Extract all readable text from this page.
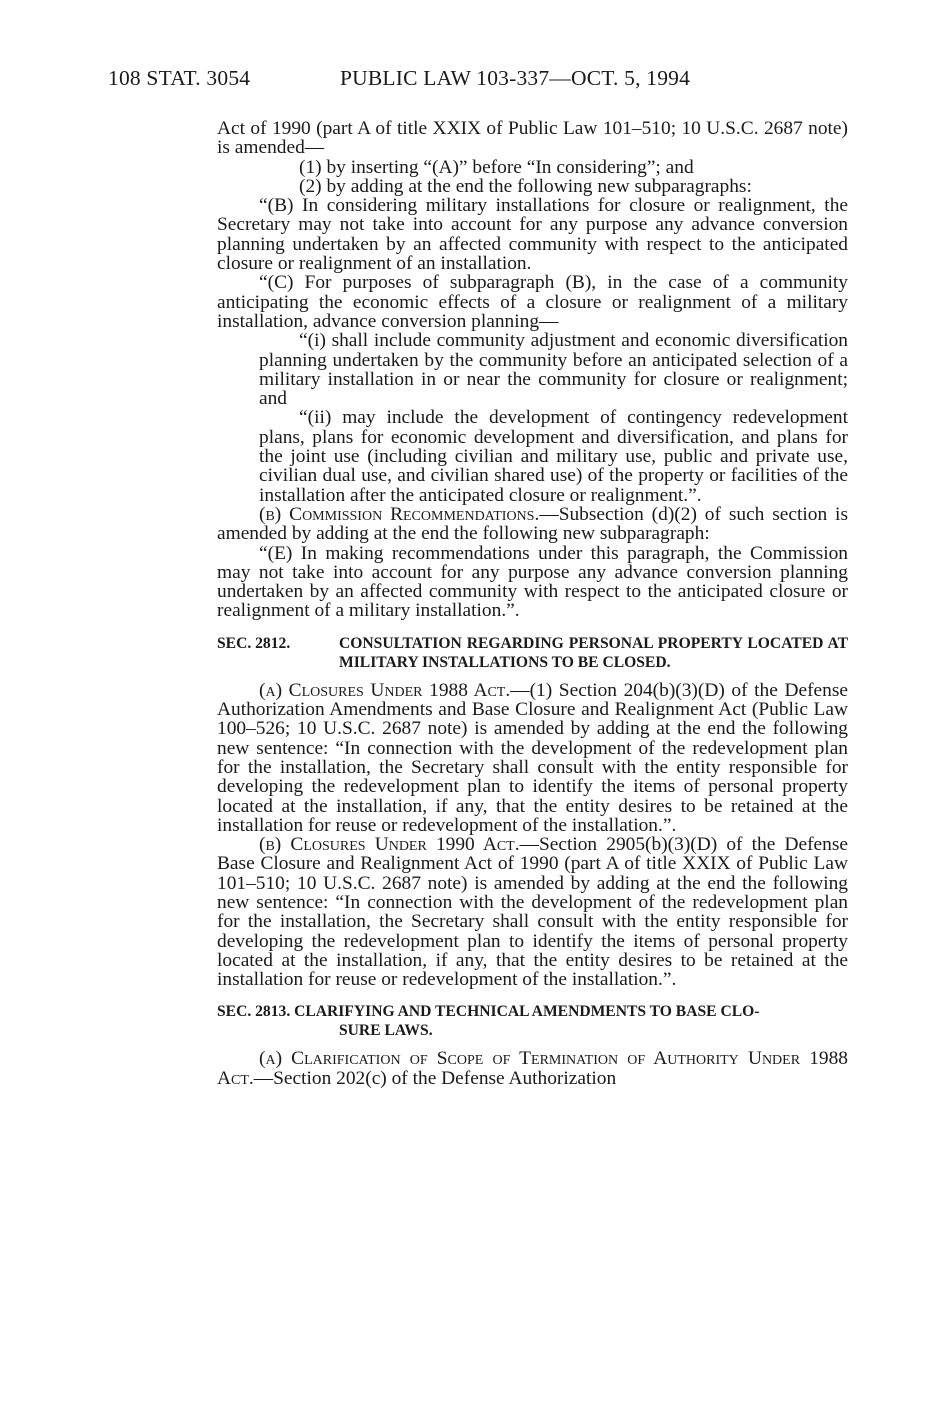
108 STAT. 3054	PUBLIC LAW 103-337—OCT. 5, 1994

Act of 1990 (part A of title XXIX of Public Law 101–510; 10 U.S.C. 2687 note) is amended—

(1) by inserting “(A)” before “In considering”; and

(2) by adding at the end the following new subparagraphs:

“(B) In considering military installations for closure or realignment, the Secretary may not take into account for any purpose any advance conversion planning undertaken by an affected community with respect to the anticipated closure or realignment of an installation.

“(C) For purposes of subparagraph (B), in the case of a community anticipating the economic effects of a closure or realignment of a military installation, advance conversion planning—

“(i) shall include community adjustment and economic diversification planning undertaken by the community before an anticipated selection of a military installation in or near the community for closure or realignment; and

“(ii) may include the development of contingency redevelopment plans, plans for economic development and diversification, and plans for the joint use (including civilian and military use, public and private use, civilian dual use, and civilian shared use) of the property or facilities of the installation after the anticipated closure or realignment.”.

(b) Commission Recommendations.—Subsection (d)(2) of such section is amended by adding at the end the following new subparagraph:

“(E) In making recommendations under this paragraph, the Commission may not take into account for any purpose any advance conversion planning undertaken by an affected community with respect to the anticipated closure or realignment of a military installation.”.

SEC. 2812.	CONSULTATION REGARDING PERSONAL PROPERTY LOCATED AT MILITARY INSTALLATIONS TO BE CLOSED.

(a) Closures Under 1988 Act.—(1) Section 204(b)(3)(D) of the Defense Authorization Amendments and Base Closure and Realignment Act (Public Law 100–526; 10 U.S.C. 2687 note) is amended by adding at the end the following new sentence: “In connection with the development of the redevelopment plan for the installation, the Secretary shall consult with the entity responsible for developing the redevelopment plan to identify the items of personal property located at the installation, if any, that the entity desires to be retained at the installation for reuse or redevelopment of the installation.”.

(b) Closures Under 1990 Act.—Section 2905(b)(3)(D) of the Defense Base Closure and Realignment Act of 1990 (part A of title XXIX of Public Law 101–510; 10 U.S.C. 2687 note) is amended by adding at the end the following new sentence: “In connection with the development of the redevelopment plan for the installation, the Secretary shall consult with the entity responsible for developing the redevelopment plan to identify the items of personal property located at the installation, if any, that the entity desires to be retained at the installation for reuse or redevelopment of the installation.”.

SEC. 2813. CLARIFYING AND TECHNICAL AMENDMENTS TO BASE CLO-
SURE LAWS.

(a) Clarification of Scope of Termination of Authority Under 1988 Act.—Section 202(c) of the Defense Authorization
